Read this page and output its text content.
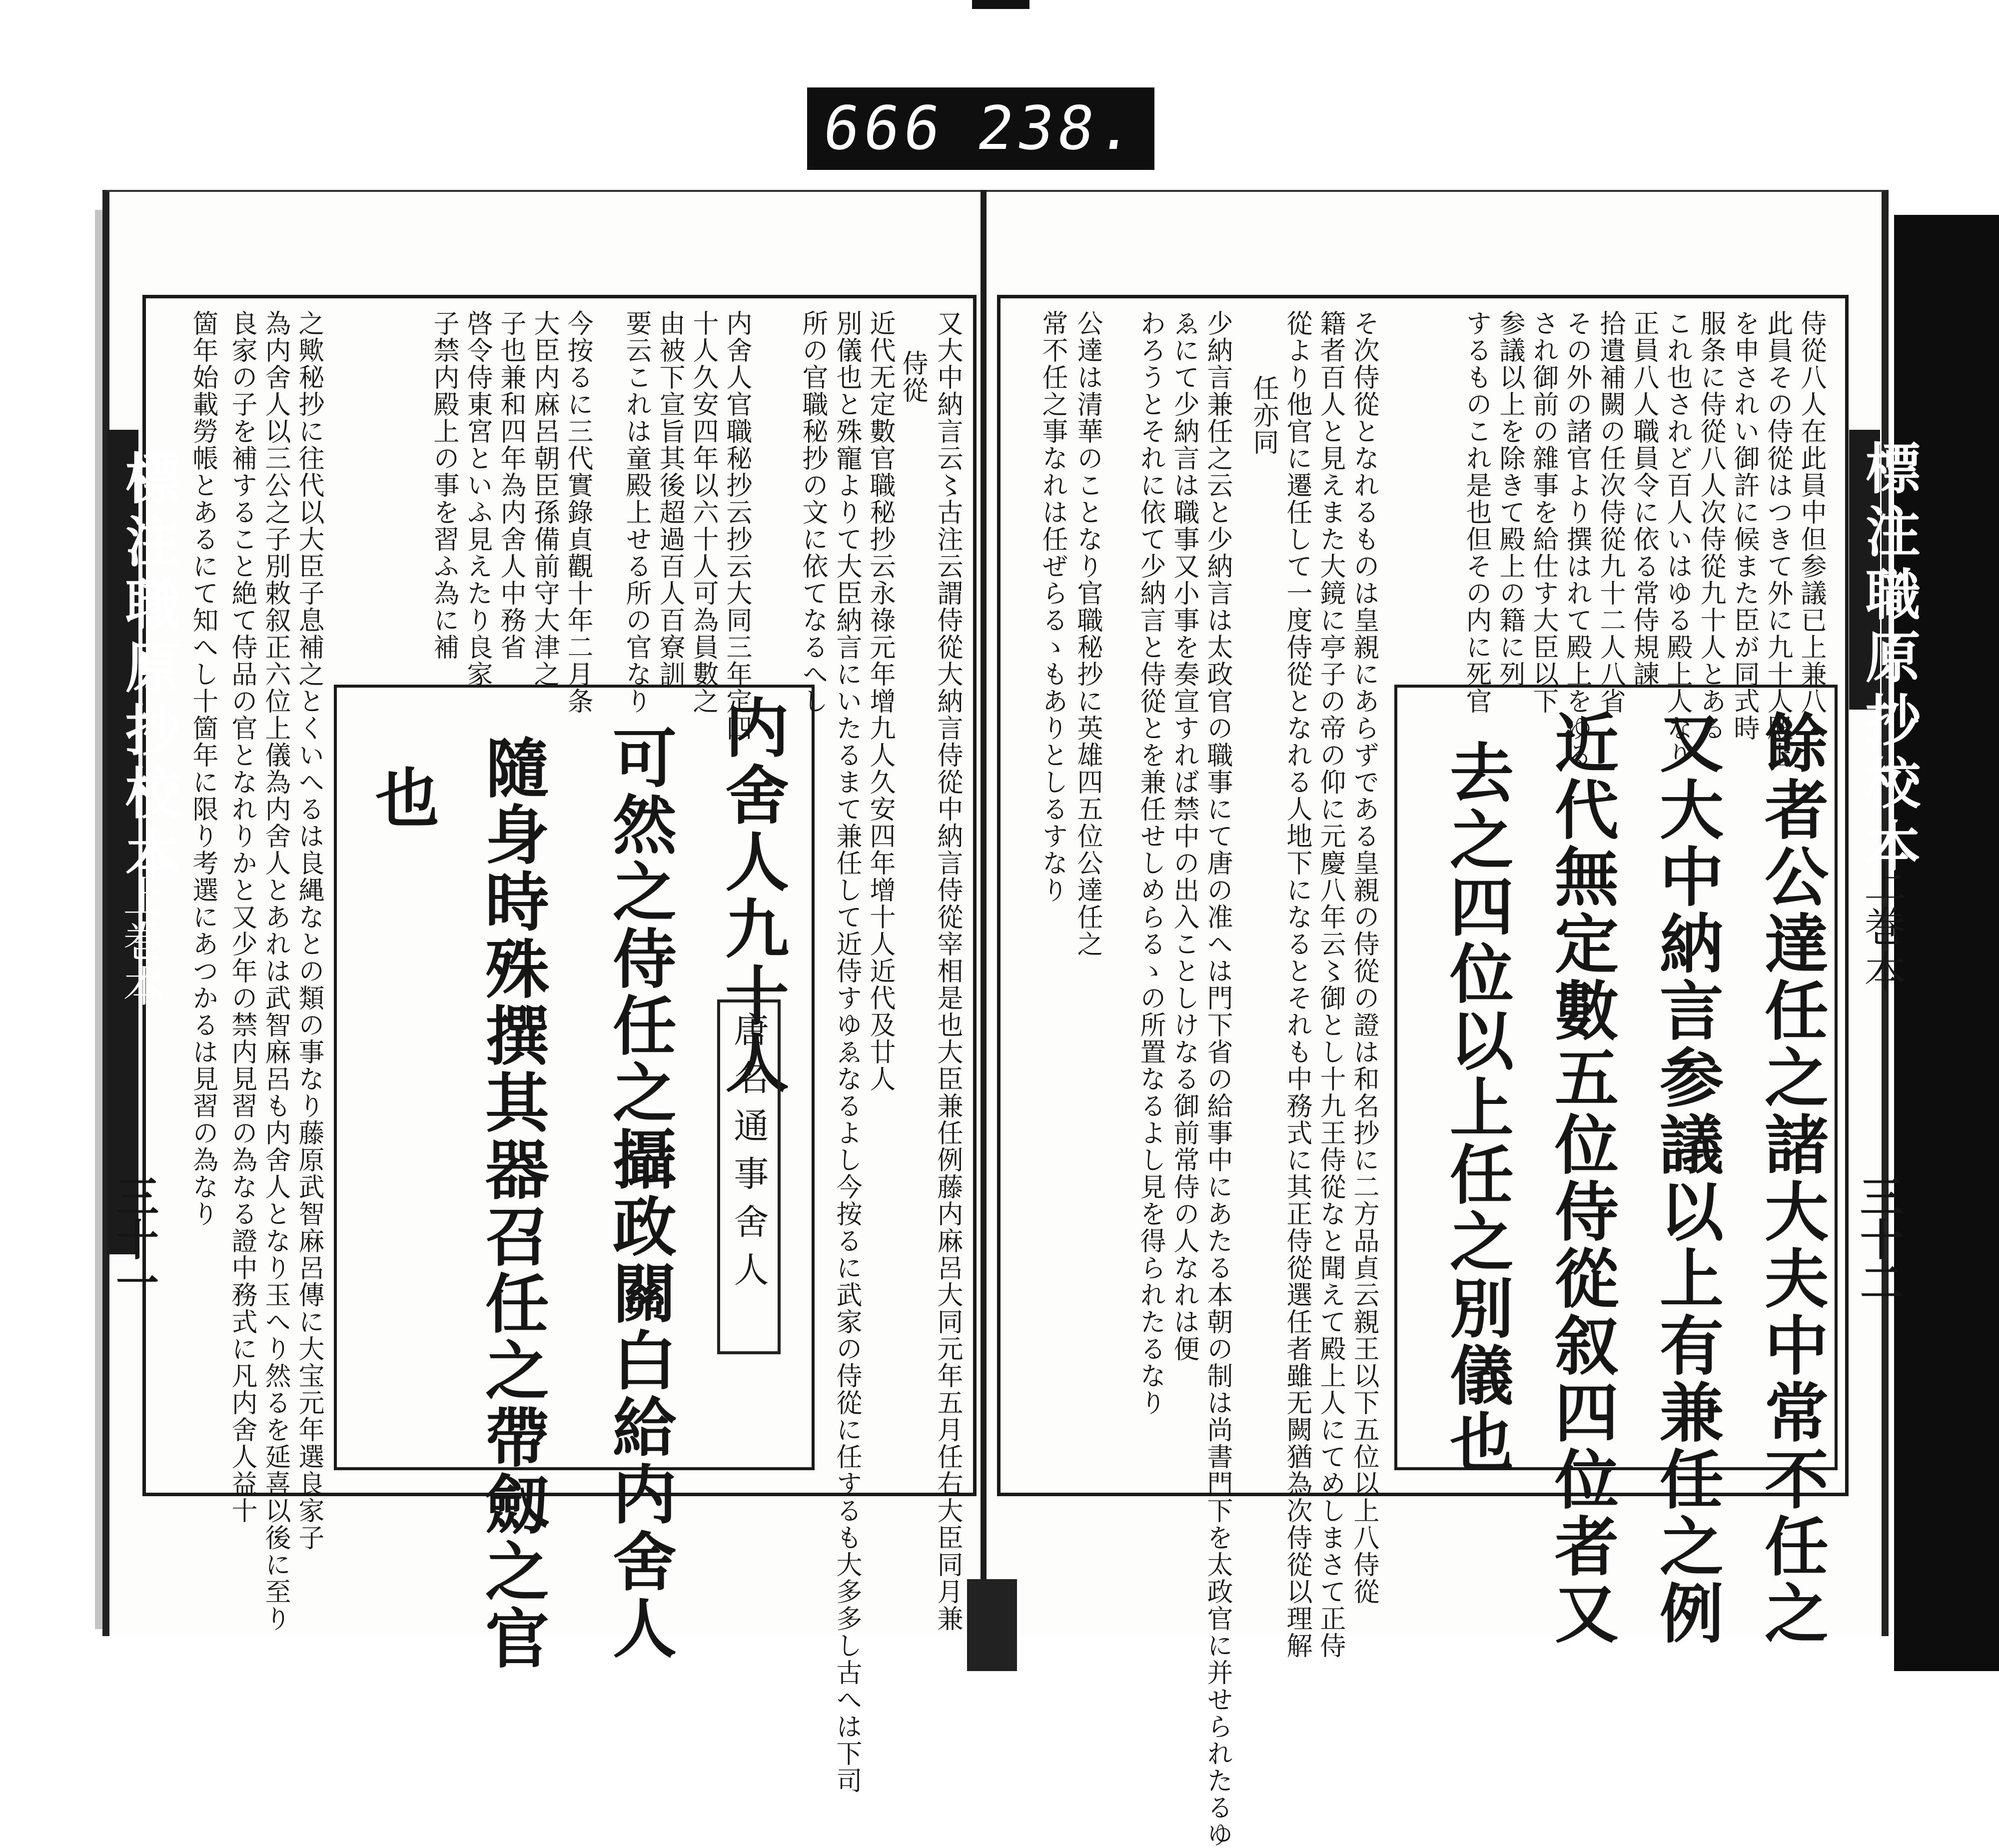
666 238.
標注職原抄校本
上巻本
三十一	又大中納言云〻古注云謂侍從大納言侍從中納言侍從宰相是也大臣兼任例藤内麻呂大同元年五月任右大臣同月兼
侍從
近代无定數官職秘抄云永祿元年增九人久安四年增十人近代及廿人
別儀也と殊寵よりて大臣納言にいたるまて兼任して近侍すゆゑなるよし今按るに武家の侍從に任するも大多多し古へは下司
所の官職秘抄の文に依てなるへし
内舍人官職秘抄云抄云大同三年定四
十人久安四年以六十人可為員數之
由被下宣旨其後超過百人百寮訓
要云これは童殿上せる所の官なり
今按るに三代實錄貞觀十年二月条
大臣内麻呂朝臣孫備前守大津之
子也兼和四年為内舍人中務省
啓令侍東宮といふ見えたり良家
子禁内殿上の事を習ふ為に補
之歟秘抄に往代以大臣子息補之とくいへるは良縄なとの類の事なり藤原武智麻呂傳に大宝元年選良家子
為内舍人以三公之子別敕叙正六位上儀為内舍人とあれは武智麻呂も内舍人となり玉へり然るを延喜以後に至り
良家の子を補すること絶て侍品の官となれりかと又少年の禁内見習の為なる證中務式に凡内舍人益十
箇年始載勞帳とあるにて知へし十箇年に限り考選にあつかるは見習の為なり	内舍人九十人
可然之侍任之攝政關白給内舍人
隨身時殊撰其器召任之帶劔之官
也
唐名通事舍人
標注職原抄校本
上巻本
三十二
侍從八人在此員中但参議已上兼八
此員その侍從はつきて外に九十人殿上
を申されい御許に候また臣が同式時
服条に侍從八人次侍從九十人とある
これ也されど百人いはゆる殿上人なり
正員八人職員令に依る常侍規諫
拾遺補闕の任次侍從九十二人八省
その外の諸官より撰はれて殿上をゆる
され御前の雜事を給仕す大臣以下
参議以上を除きて殿上の籍に列
するものこれ是也但その内に死官
そ次侍從となれるものは皇親にあらずである皇親の侍從の證は和名抄に二方品貞云親王以下五位以上八侍從
籍者百人と見えまた大鏡に亭子の帝の仰に元慶八年云〻御とし十九王侍從なと聞えて殿上人にてめしまさて正侍
從より他官に遷任して一度侍從となれる人地下になるとそれも中務式に其正侍從選任者雖无闕猶為次侍從以理解
任亦同
少納言兼任之云と少納言は太政官の職事にて唐の准へは門下省の給事中にあたる本朝の制は尚書門下を太政官に并せられたるゆ
ゑにて少納言は職事又小事を奏宣すれば禁中の出入ことしけなる御前常侍の人なれは便
わろうとそれに依て少納言と侍從とを兼任せしめらるゝの所置なるよし見を得られたるなり
公達は清華のことなり官職秘抄に英雄四五位公達任之
常不任之事なれは任ぜらるゝもありとしるすなり
餘者公達任之諸大夫中常不任之
又大中納言参議以上有兼任之例
近代無定數五位侍從叙四位者又
去之四位以上任之別儀也
